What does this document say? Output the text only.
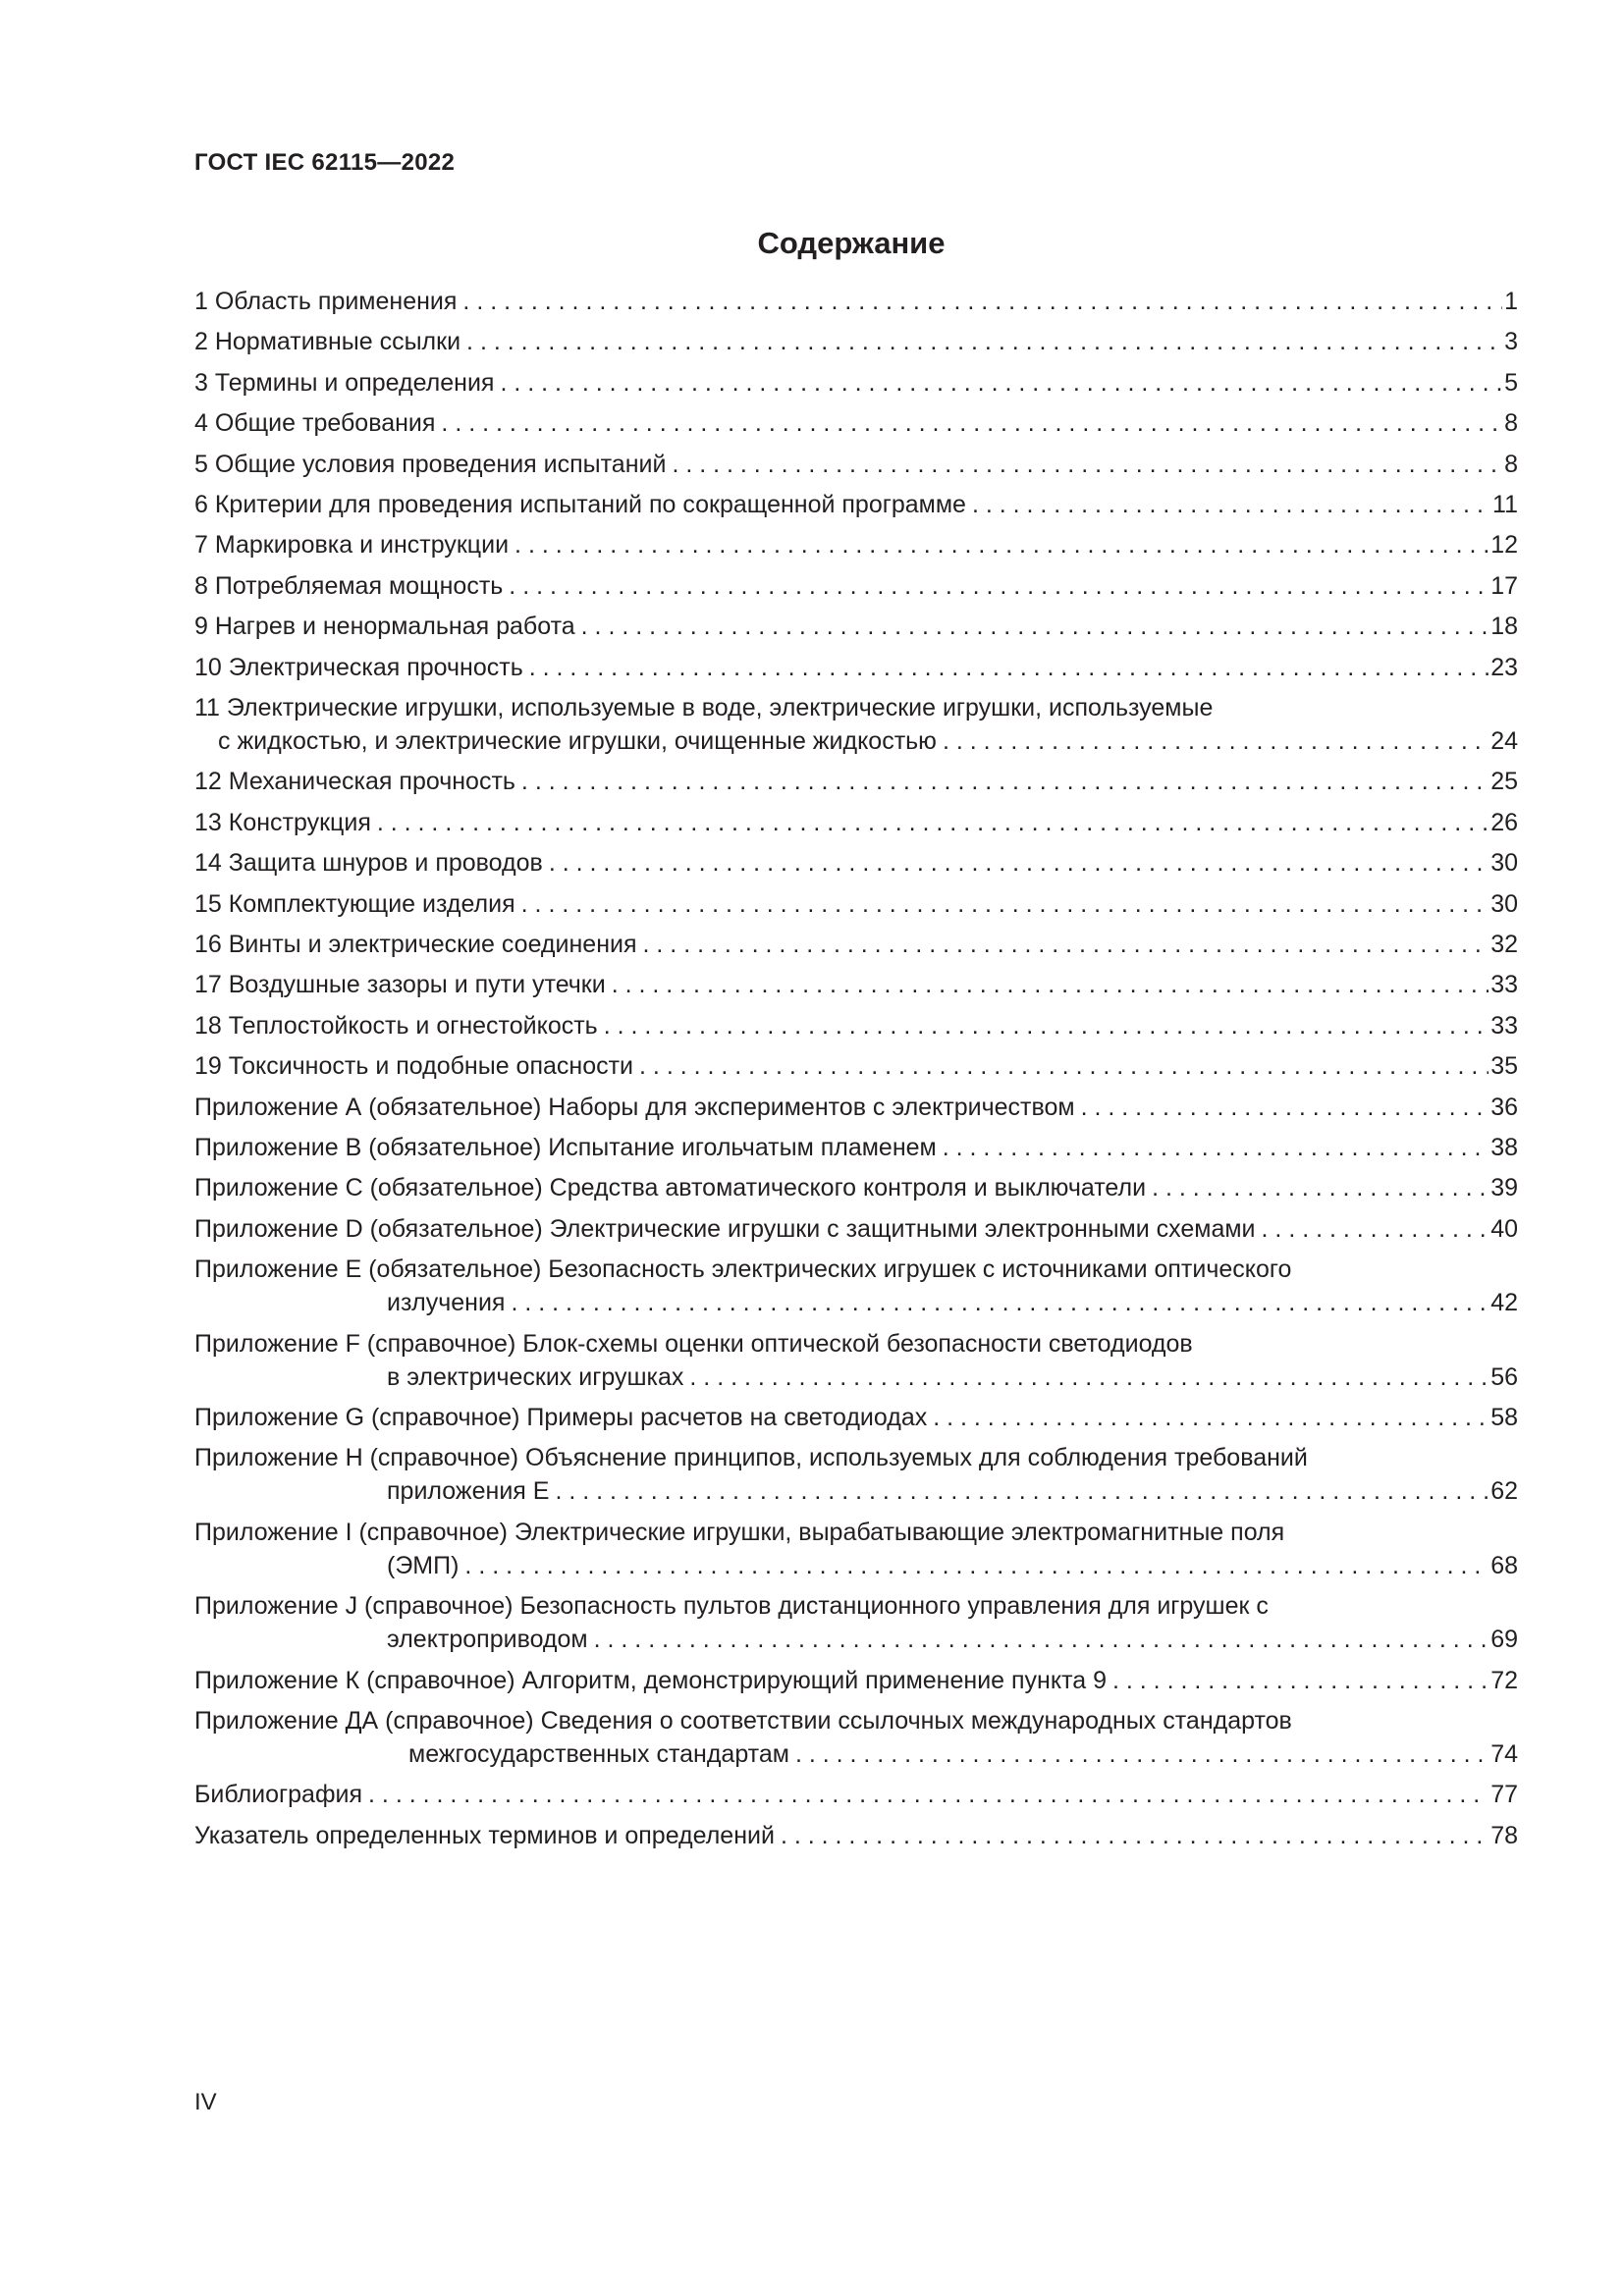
ГОСТ IEC 62115—2022
Содержание
1 Область применения . . .	1
2 Нормативные ссылки . . .	3
3 Термины и определения . . .	5
4 Общие требования . . .	8
5 Общие условия проведения испытаний . . .	8
6 Критерии для проведения испытаний по сокращенной программе . . .	11
7 Маркировка и инструкции . . .	12
8 Потребляемая мощность . . .	17
9 Нагрев и ненормальная работа . . .	18
10 Электрическая прочность . . .	23
11 Электрические игрушки, используемые в воде, электрические игрушки, используемые
с жидкостью, и электрические игрушки, очищенные жидкостью . . .	24
12 Механическая прочность . . .	25
13 Конструкция . . .	26
14 Защита шнуров и проводов . . .	30
15 Комплектующие изделия . . .	30
16 Винты и электрические соединения . . .	32
17 Воздушные зазоры и пути утечки . . .	33
18 Теплостойкость и огнестойкость . . .	33
19 Токсичность и подобные опасности . . .	35
Приложение А (обязательное) Наборы для экспериментов с электричеством . . .	36
Приложение В (обязательное) Испытание игольчатым пламенем . . .	38
Приложение С (обязательное) Средства автоматического контроля и выключатели . . .	39
Приложение D (обязательное) Электрические игрушки с защитными электронными схемами . . .	40
Приложение Е (обязательное) Безопасность электрических игрушек с источниками оптического
излучения . . .	42
Приложение F (справочное) Блок-схемы оценки оптической безопасности светодиодов
в электрических игрушках . . .	56
Приложение G (справочное) Примеры расчетов на светодиодах . . .	58
Приложение Н (справочное) Объяснение принципов, используемых для соблюдения требований
приложения Е . . .	62
Приложение I (справочное) Электрические игрушки, вырабатывающие электромагнитные поля
(ЭМП) . . .	68
Приложение J (справочное) Безопасность пультов дистанционного управления для игрушек с
электроприводом . . .	69
Приложение К (справочное) Алгоритм, демонстрирующий применение пункта 9 . . .	72
Приложение ДА (справочное) Сведения о соответствии ссылочных международных стандартов
межгосударственных стандартам . . .	74
Библиография . . .	77
Указатель определенных терминов и определений . . .	78
IV
